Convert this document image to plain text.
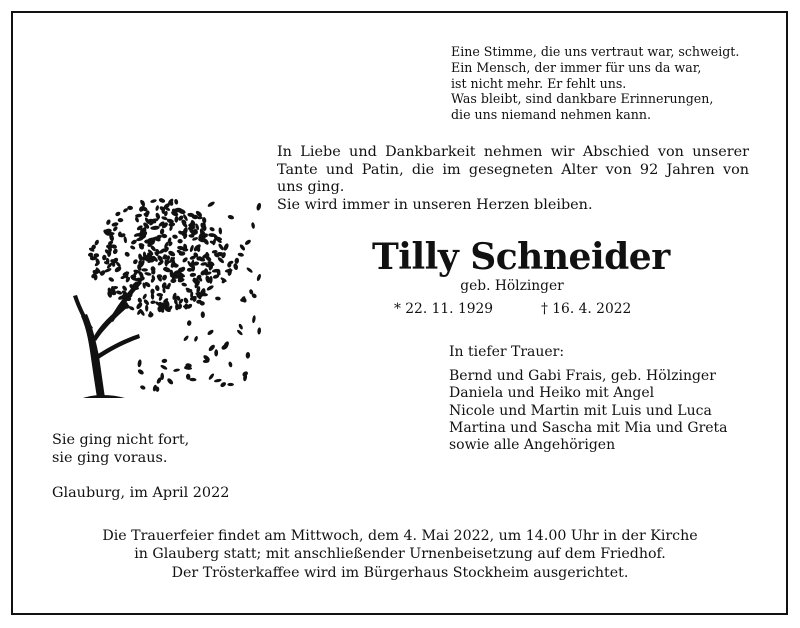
Eine Stimme, die uns vertraut war, schweigt.
Ein Mensch, der immer für uns da war,
ist nicht mehr. Er fehlt uns.
Was bleibt, sind dankbare Erinnerungen,
die uns niemand nehmen kann.
In Liebe und Dankbarkeit nehmen wir Abschied von unserer
Tante und Patin, die im gesegneten Alter von 92 Jahren von
uns ging.
Sie wird immer in unseren Herzen bleiben.
Tilly Schneider
geb. Hölzinger
* 22. 11. 1929	† 16. 4. 2022
In tiefer Trauer:
Bernd und Gabi Frais, geb. Hölzinger
Daniela und Heiko mit Angel
Nicole und Martin mit Luis und Luca
Martina und Sascha mit Mia und Greta
sowie alle Angehörigen
Sie ging nicht fort,
sie ging voraus.
Glauburg, im April 2022
Die Trauerfeier findet am Mittwoch, dem 4. Mai 2022, um 14.00 Uhr in der Kirche
in Glauberg statt; mit anschließender Urnenbeisetzung auf dem Friedhof.
Der Trösterkaffee wird im Bürgerhaus Stockheim ausgerichtet.
